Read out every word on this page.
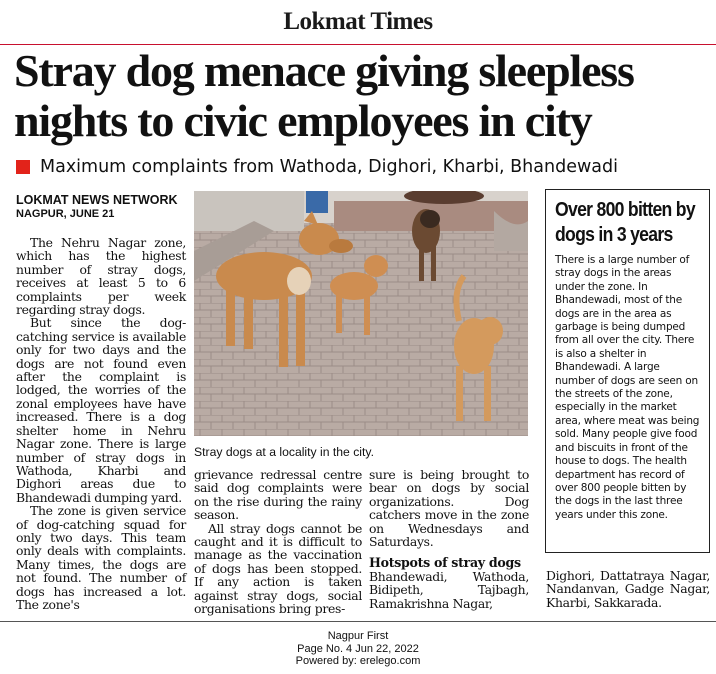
Lokmat Times
Stray dog menace giving sleepless
nights to civic employees in city
Maximum complaints from Wathoda, Dighori, Kharbi, Bhandewadi
LOKMAT NEWS NETWORK
NAGPUR, JUNE 21

The Nehru Nagar zone, which has the highest number of stray dogs, receives at least 5 to 6 complaints per week regarding stray dogs.

But since the dog-catching service is available only for two days and the dogs are not found even after the complaint is lodged, the worries of the zonal employees have have increased. There is a dog shelter home in Nehru Nagar zone. There is large number of stray dogs in Wathoda, Kharbi and Dighori areas due to Bhandewadi dumping yard.

The zone is given service of dog-catching squad for only two days. This team only deals with complaints. Many times, the dogs are not found. The number of dogs has increased a lot. The zone's

Stray dogs at a locality in the city.
grievance redressal centre said dog complaints were on the rise during the rainy season.

All stray dogs cannot be caught and it is difficult to manage as the vaccination of dogs has been stopped. If any action is taken against stray dogs, social organisations bring pres-

sure is being brought to bear on dogs by social organizations. Dog catchers move in the zone on Wednesdays and Saturdays.
Hotspots of stray dogs
Bhandewadi, Wathoda, Bidipeth, Tajbagh, Ramakrishna Nagar,
Dighori, Dattatraya Nagar, Nandanvan, Gadge Nagar, Kharbi, Sakkarada.
Over 800 bitten by dogs in 3 years
There is a large number of stray dogs in the areas under the zone. In Bhandewadi, most of the dogs are in the area as garbage is being dumped from all over the city. There is also a shelter in Bhandewadi. A large number of dogs are seen on the streets of the zone, especially in the market area, where meat was being sold. Many people give food and biscuits in front of the house to dogs. The health department has record of over 800 people bitten by the dogs in the last three years under this zone.
Nagpur First
Page No. 4 Jun 22, 2022
Powered by: erelego.com
